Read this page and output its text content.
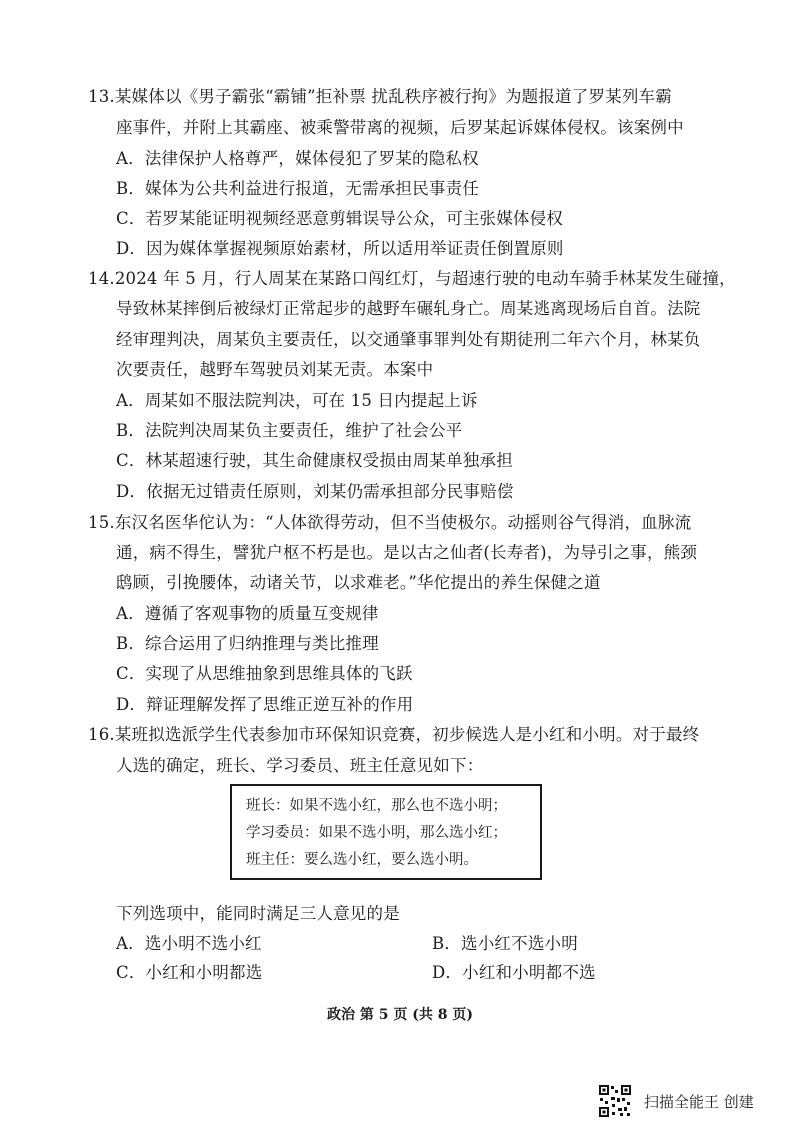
13.某媒体以《男子霸张“霸铺”拒补票 扰乱秩序被行拘》为题报道了罗某列车霸
座事件，并附上其霸座、被乘警带离的视频，后罗某起诉媒体侵权。该案例中
A．法律保护人格尊严，媒体侵犯了罗某的隐私权
B．媒体为公共利益进行报道，无需承担民事责任
C．若罗某能证明视频经恶意剪辑误导公众，可主张媒体侵权
D．因为媒体掌握视频原始素材，所以适用举证责任倒置原则
14.2024 年 5 月，行人周某在某路口闯红灯，与超速行驶的电动车骑手林某发生碰撞，
导致林某摔倒后被绿灯正常起步的越野车碾轧身亡。周某逃离现场后自首。法院
经审理判决，周某负主要责任，以交通肇事罪判处有期徒刑二年六个月，林某负
次要责任，越野车驾驶员刘某无责。本案中
A．周某如不服法院判决，可在 15 日内提起上诉
B．法院判决周某负主要责任，维护了社会公平
C．林某超速行驶，其生命健康权受损由周某单独承担
D．依据无过错责任原则，刘某仍需承担部分民事赔偿
15.东汉名医华佗认为：“人体欲得劳动，但不当使极尔。动摇则谷气得消，血脉流
通，病不得生，譬犹户枢不朽是也。是以古之仙者(长寿者)，为导引之事，熊颈
鸱顾，引挽腰体，动诸关节，以求难老。”华佗提出的养生保健之道
A．遵循了客观事物的质量互变规律
B．综合运用了归纳推理与类比推理
C．实现了从思维抽象到思维具体的飞跃
D．辩证理解发挥了思维正逆互补的作用
16.某班拟选派学生代表参加市环保知识竞赛，初步候选人是小红和小明。对于最终
人选的确定，班长、学习委员、班主任意见如下：
班长：如果不选小红，那么也不选小明；
学习委员：如果不选小明，那么选小红；
班主任：要么选小红，要么选小明。
下列选项中，能同时满足三人意见的是
A．选小明不选小红	B．选小红不选小明
C．小红和小明都选	D．小红和小明都不选
政治 第 5 页 (共 8 页)
扫描全能王 创建
